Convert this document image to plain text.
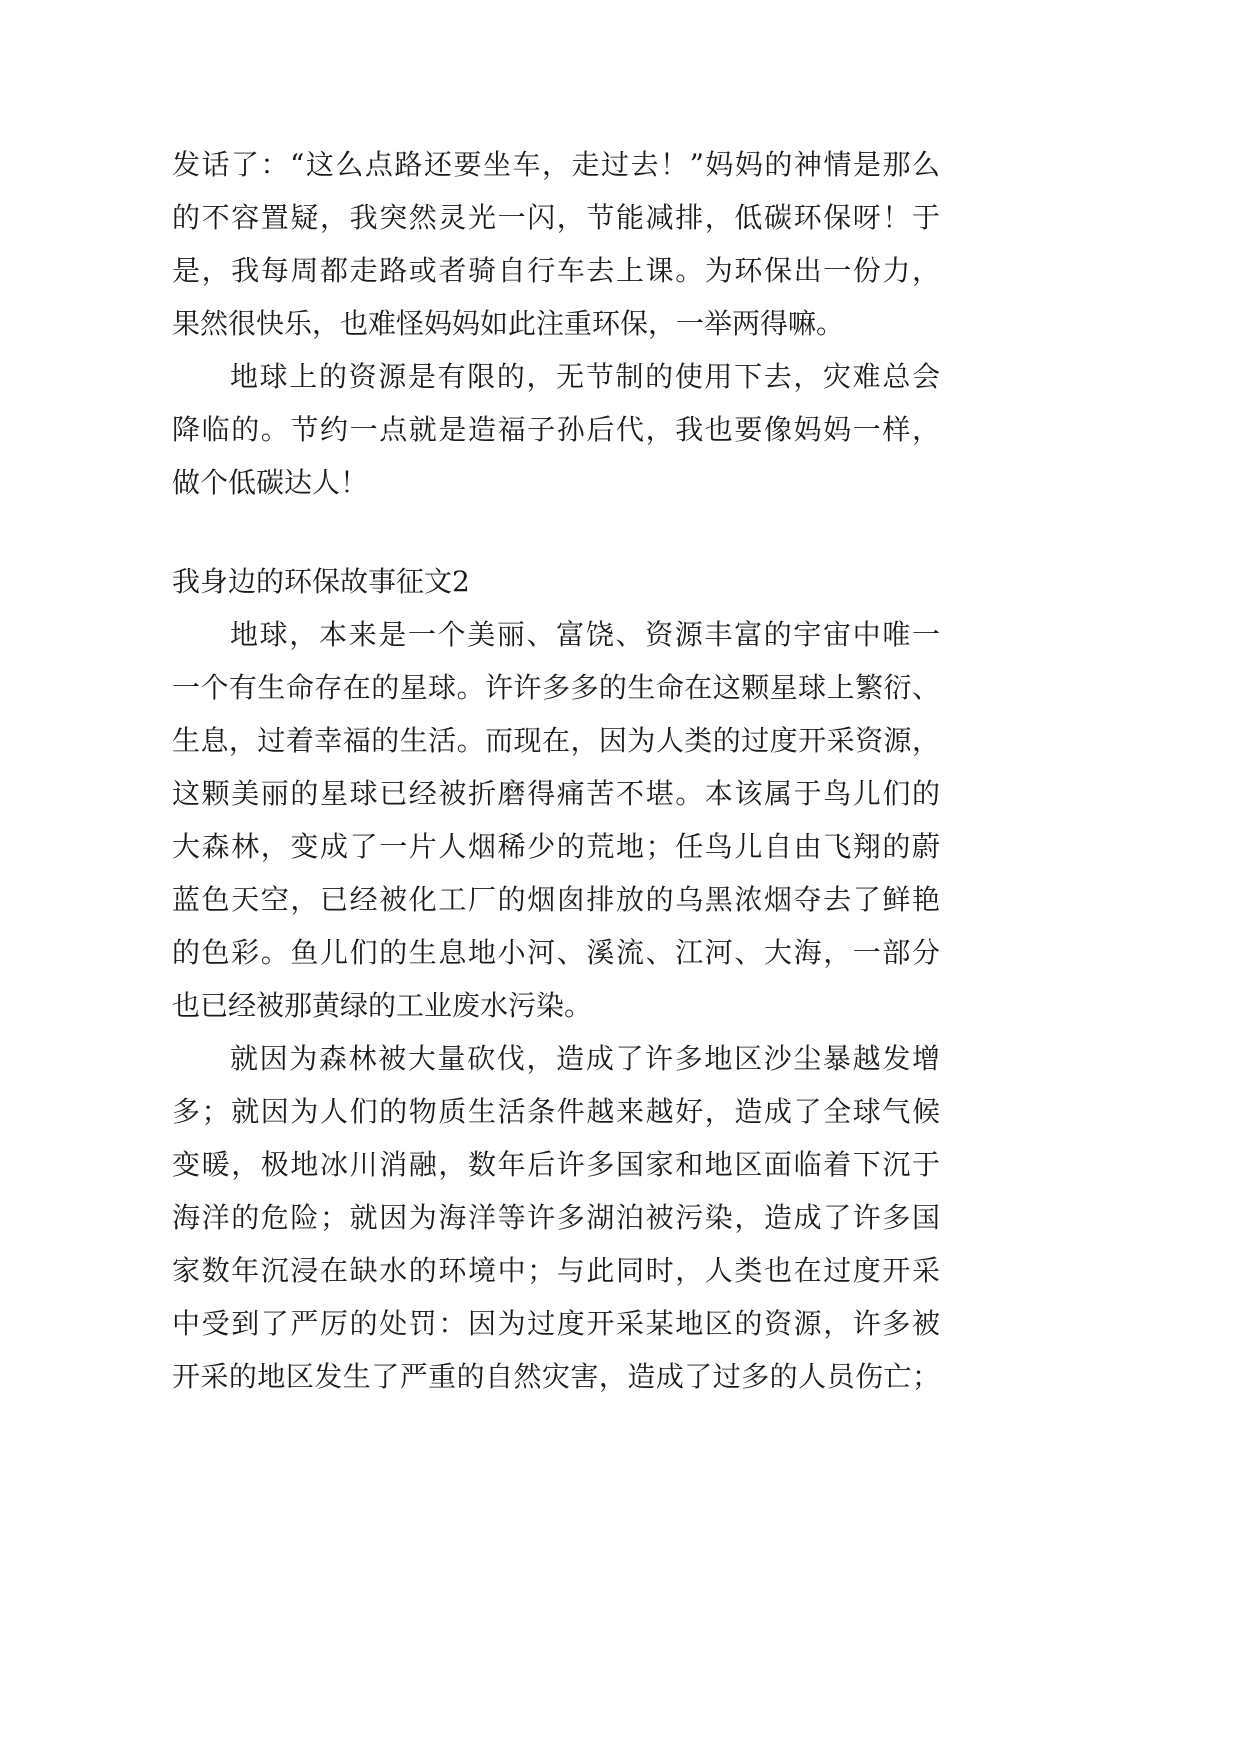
发话了：“这么点路还要坐车，走过去！”妈妈的神情是那么
的不容置疑，我突然灵光一闪，节能减排，低碳环保呀！于
是，我每周都走路或者骑自行车去上课。为环保出一份力，
果然很快乐，也难怪妈妈如此注重环保，一举两得嘛。
地球上的资源是有限的，无节制的使用下去，灾难总会
降临的。节约一点就是造福子孙后代，我也要像妈妈一样，
做个低碳达人！
我身边的环保故事征文2
地球，本来是一个美丽、富饶、资源丰富的宇宙中唯一
一个有生命存在的星球。许许多多的生命在这颗星球上繁衍、
生息，过着幸福的生活。而现在，因为人类的过度开采资源，
这颗美丽的星球已经被折磨得痛苦不堪。本该属于鸟儿们的
大森林，变成了一片人烟稀少的荒地；任鸟儿自由飞翔的蔚
蓝色天空，已经被化工厂的烟囱排放的乌黑浓烟夺去了鲜艳
的色彩。鱼儿们的生息地小河、溪流、江河、大海，一部分
也已经被那黄绿的工业废水污染。
就因为森林被大量砍伐，造成了许多地区沙尘暴越发增
多；就因为人们的物质生活条件越来越好，造成了全球气候
变暖，极地冰川消融，数年后许多国家和地区面临着下沉于
海洋的危险；就因为海洋等许多湖泊被污染，造成了许多国
家数年沉浸在缺水的环境中；与此同时，人类也在过度开采
中受到了严厉的处罚：因为过度开采某地区的资源，许多被
开采的地区发生了严重的自然灾害，造成了过多的人员伤亡；
